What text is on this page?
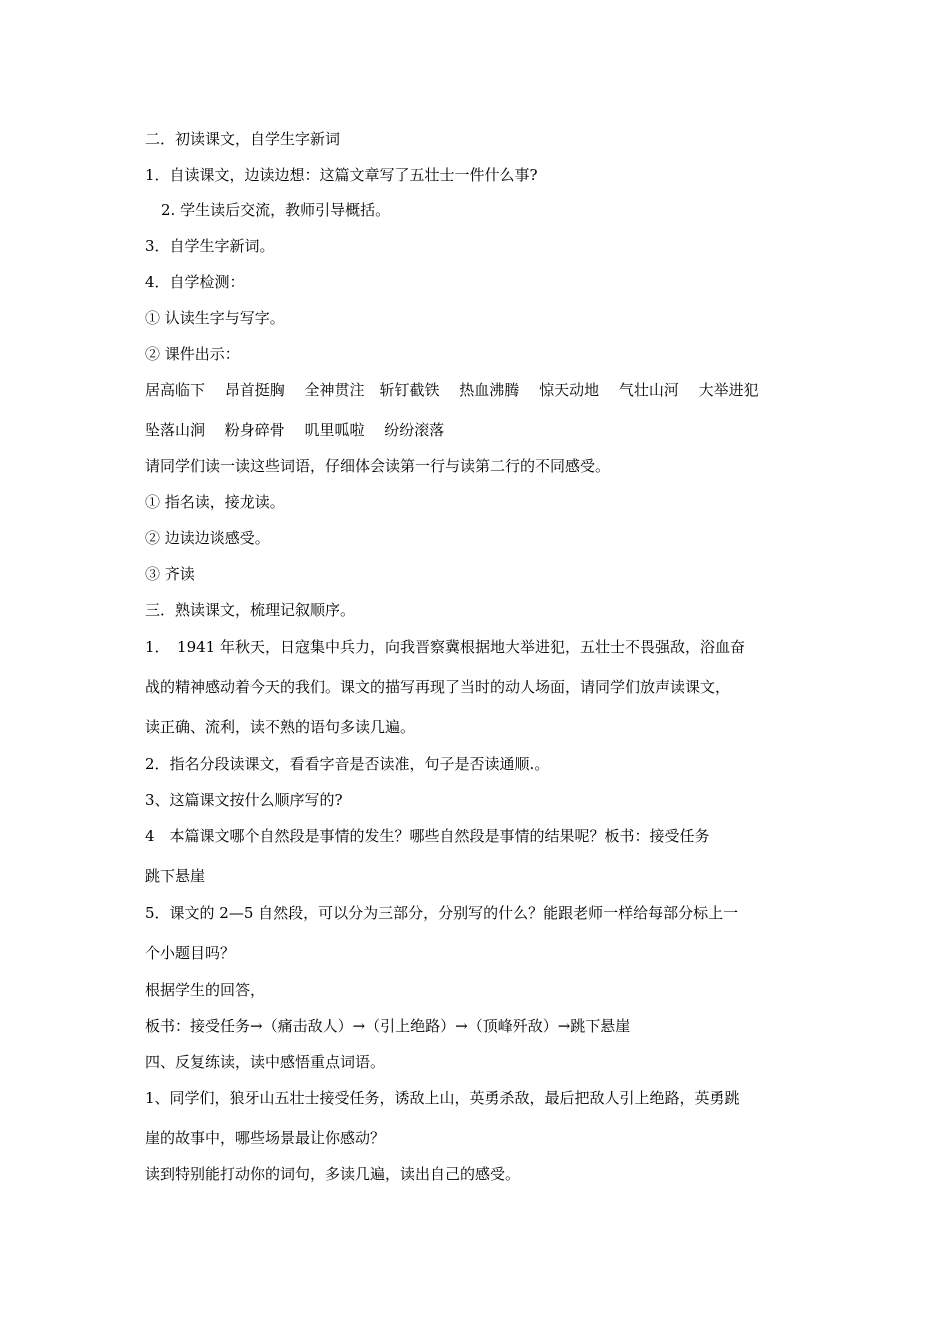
二．初读课文，自学生字新词
1．自读课文，边读边想：这篇文章写了五壮士一件什么事?
2. 学生读后交流，教师引导概括。
3．自学生字新词。
4．自学检测：
① 认读生字与写字。
② 课件出示：
居高临下　 昂首挺胸　 全神贯注　斩钉截铁　 热血沸腾　 惊天动地　 气壮山河　 大举进犯
坠落山涧　 粉身碎骨　 叽里呱啦　 纷纷滚落
请同学们读一读这些词语，仔细体会读第一行与读第二行的不同感受。
① 指名读，接龙读。
② 边读边谈感受。
③ 齐读
三．熟读课文，梳理记叙顺序。
1．　1941 年秋天，日寇集中兵力，向我晋察冀根据地大举进犯，五壮士不畏强敌，浴血奋
战的精神感动着今天的我们。课文的描写再现了当时的动人场面，请同学们放声读课文，
读正确、流利，读不熟的语句多读几遍。
2．指名分段读课文，看看字音是否读准，句子是否读通顺.。
3、这篇课文按什么顺序写的?
4　本篇课文哪个自然段是事情的发生？哪些自然段是事情的结果呢？板书：接受任务
跳下悬崖
5．课文的 2—5 自然段，可以分为三部分，分别写的什么？能跟老师一样给每部分标上一
个小题目吗？
根据学生的回答，
板书：接受任务→（痛击敌人）→（引上绝路）→（顶峰歼敌）→跳下悬崖
四、反复练读，读中感悟重点词语。
1、同学们，狼牙山五壮士接受任务，诱敌上山，英勇杀敌，最后把敌人引上绝路，英勇跳
崖的故事中，哪些场景最让你感动？
读到特别能打动你的词句，多读几遍，读出自己的感受。
